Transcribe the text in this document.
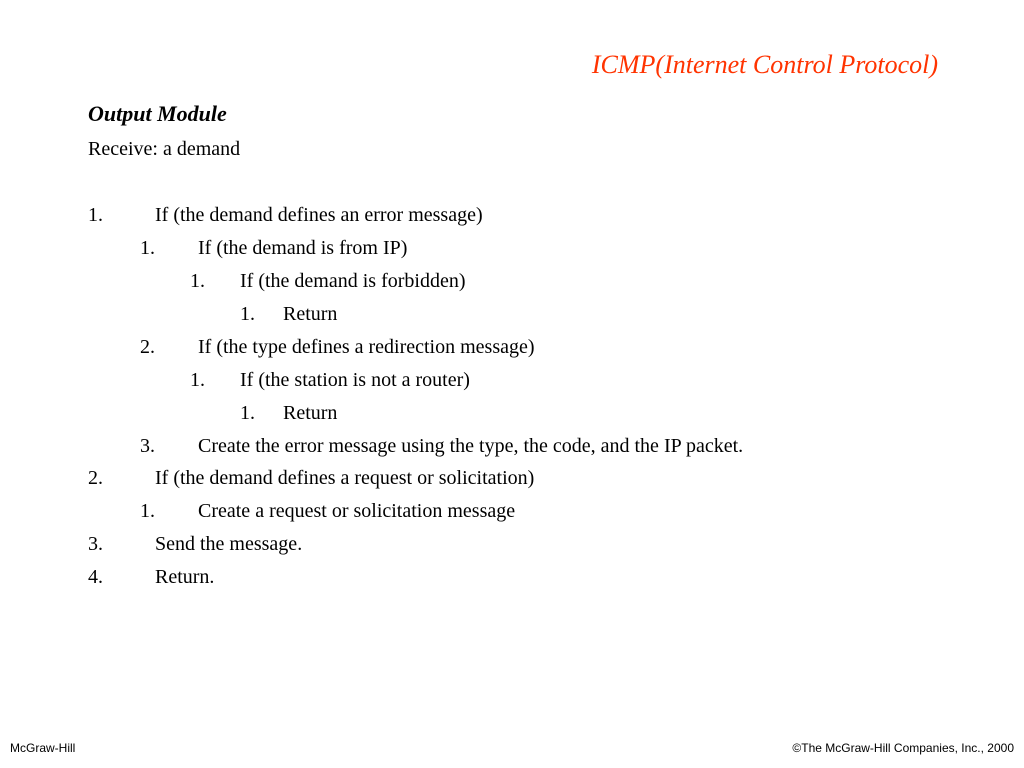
ICMP(Internet Control Protocol)
Output Module
Receive: a demand
1.	If (the demand defines an error message)
1. If (the demand is from IP)
1. If (the demand is forbidden)
1. Return
2. If (the type defines a redirection message)
1. If (the station is not a router)
1. Return
3. Create the error message using the type, the code, and the IP packet.
2.	If (the demand defines a request or solicitation)
1. Create a request or solicitation message
3.	Send the message.
4.	Return.
McGraw-Hill	©The McGraw-Hill Companies, Inc., 2000
